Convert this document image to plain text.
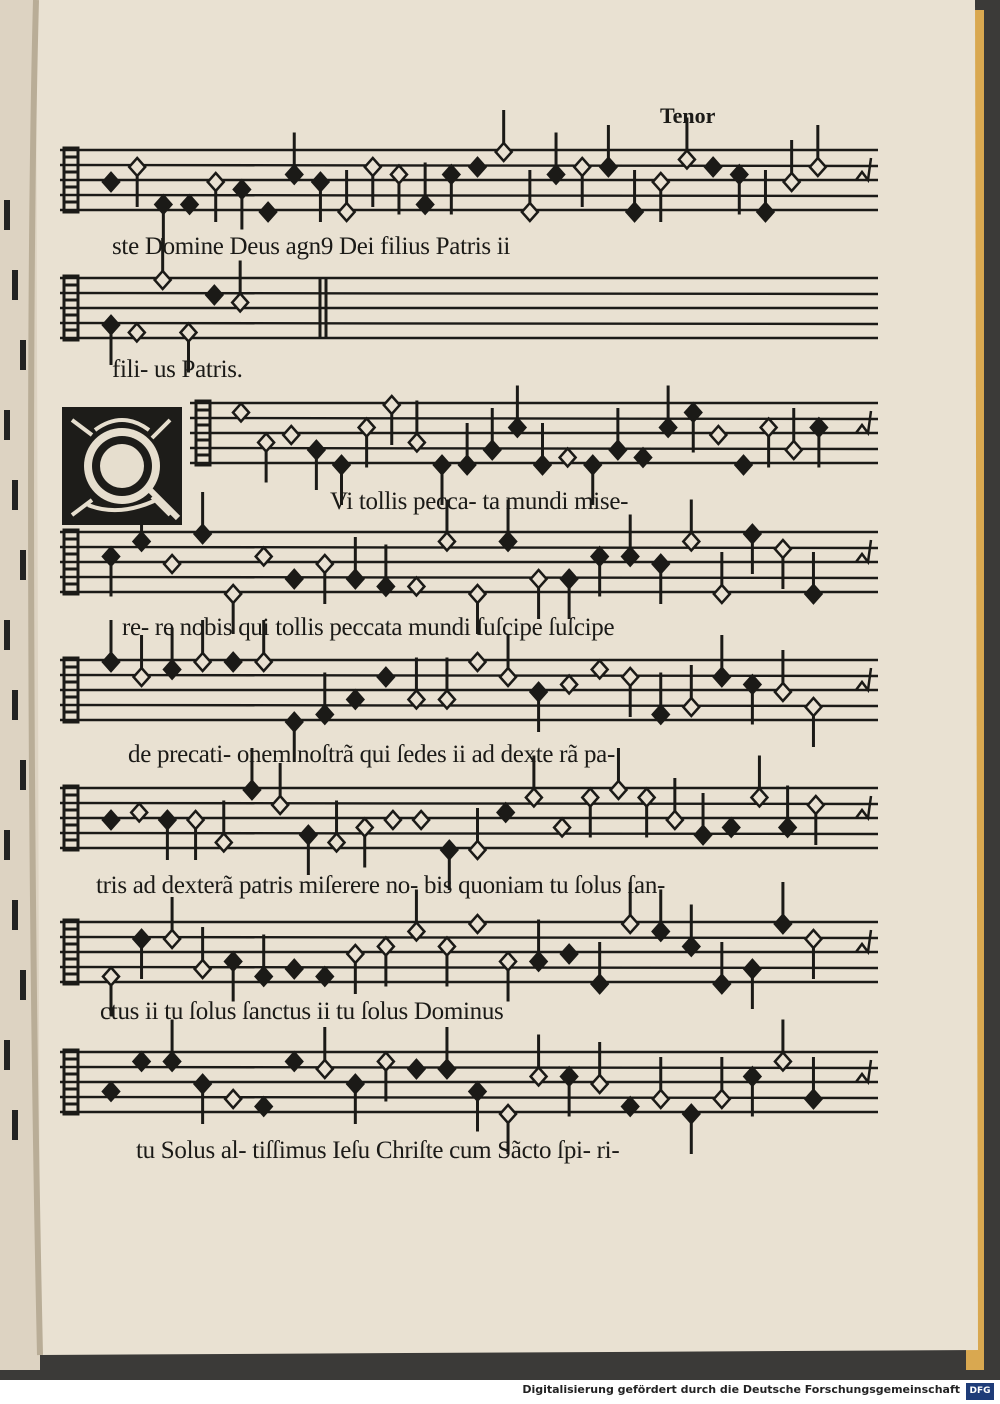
Tenor
ste Domine Deus agn9 Dei filius Patris ii
fili- us Patris.
Vi tollis pecca- ta mundi mise-
re- re nobis qui tollis peccata mundi ſuſcipe ſuſcipe
de precati- onem noſtrã qui ſedes ii ad dexte rã pa-
tris ad dexterã patris miſerere no- bis quoniam tu ſolus ſan-
ctus ii tu ſolus ſanctus ii tu ſolus Dominus
tu Solus al- tiſſimus Ieſu Chriſte cum Sãcto ſpi- ri-
Digitalisierung gefördert durch die Deutsche Forschungsgemeinschaft	DFG
